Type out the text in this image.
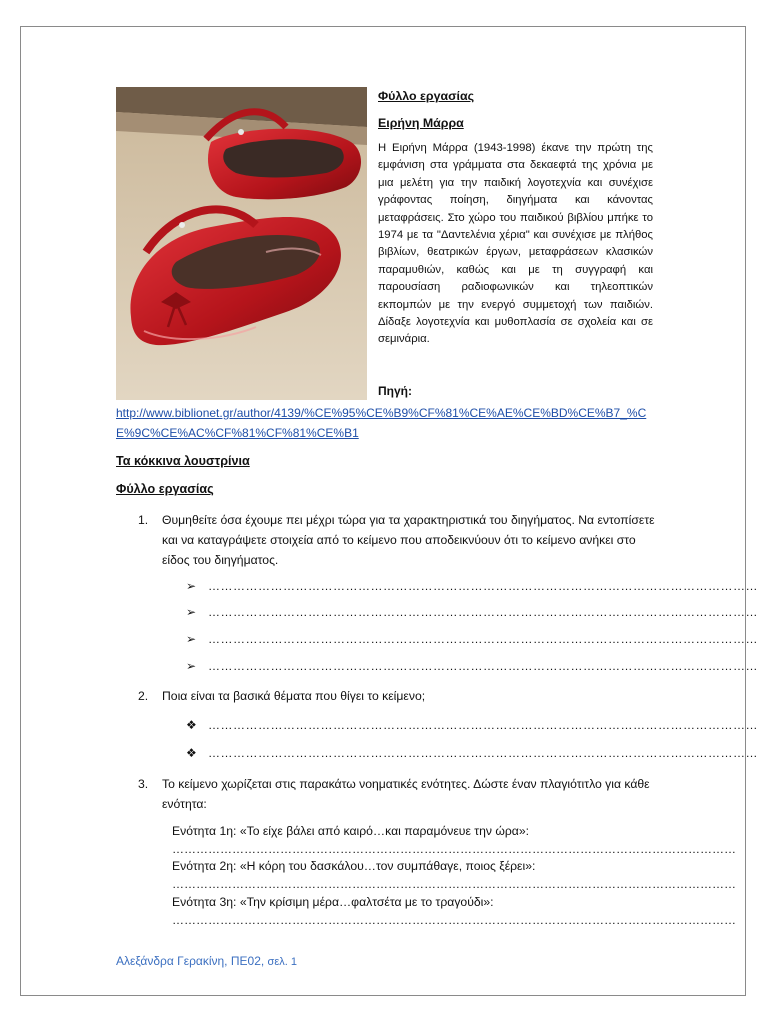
Φύλλο εργασίας

Ειρήνη Μάρρα

Η Ειρήνη Μάρρα (1943-1998) έκανε την πρώτη της εμφάνιση στα γράμματα στα δεκαεφτά της χρόνια με μια μελέτη για την παιδική λογοτεχνία και συνέχισε γράφοντας ποίηση, διηγήματα και κάνοντας μεταφράσεις. Στο χώρο του παιδικού βιβλίου μπήκε το 1974 με τα "Δαντελένια χέρια" και συνέχισε με πλήθος βιβλίων, θεατρικών έργων, μεταφράσεων κλασικών παραμυθιών, καθώς και με τη συγγραφή και παρουσίαση ραδιοφωνικών και τηλεοπτικών εκπομπών με την ενεργό συμμετοχή των παιδιών. Δίδαξε λογοτεχνία και μυθοπλασία σε σχολεία και σε σεμινάρια.

Πηγή:
http://www.biblionet.gr/author/4139/%CE%95%CE%B9%CF%81%CE%AE%CE%BD%CE%B7_%CE%9C%CE%AC%CF%81%CF%81%CE%B1
Τα κόκκινα λουστρίνια
Φύλλο εργασίας
1.	Θυμηθείτε όσα έχουμε πει μέχρι τώρα για τα χαρακτηριστικά του διηγήματος. Να εντοπίσετε και να καταγράψετε στοιχεία από το κείμενο που αποδεικνύουν ότι το κείμενο ανήκει στο είδος του διηγήματος.
➢ ……………………………………………………………………………………………………………………
➢ ……………………………………………………………………………………………………………………
➢ ……………………………………………………………………………………………………………………
➢ ……………………………………………………………………………………………………………………
2.	Ποια είναι τα βασικά θέματα που θίγει το κείμενο;
❖ ……………………………………………………………………………………………………………………
❖ ……………………………………………………………………………………………………………………
3.	Το κείμενο χωρίζεται στις παρακάτω νοηματικές ενότητες. Δώστε έναν πλαγιότιτλο για κάθε ενότητα:
Ενότητα 1η: «Το είχε βάλει από καιρό…και παραμόνευε την ώρα»:
……………………………………………………………………………………………………………………………
Ενότητα 2η: «Η κόρη του δασκάλου…τον συμπάθαγε, ποιος ξέρει»:
……………………………………………………………………………………………………………………………
Ενότητα 3η: «Την κρίσιμη μέρα…φαλτσέτα με το τραγούδι»:
……………………………………………………………………………………………………………………………
Αλεξάνδρα Γερακίνη, ΠΕ02, σελ. 1
